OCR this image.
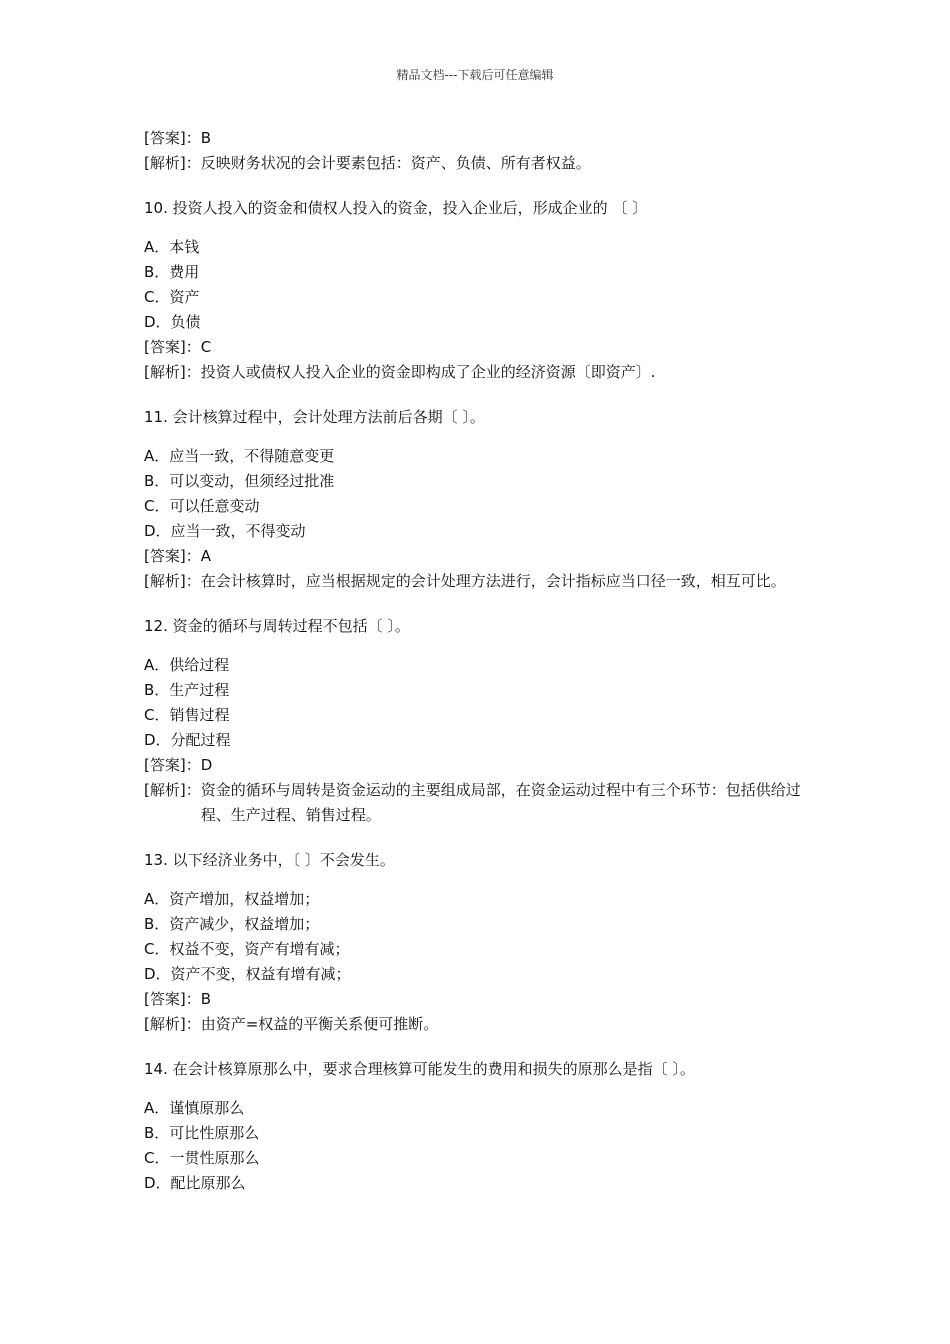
精品文档---下载后可任意编辑
[答案]：B
[解析]： 反映财务状况的会计要素包括：资产、负债、所有者权益。
10. 投资人投入的资金和债权人投入的资金，投入企业后，形成企业的 〔 〕
A．本钱
B．费用
C．资产
D．负债
[答案]：C
[解析]： 投资人或债权人投入企业的资金即构成了企业的经济资源〔即资产〕.
11. 会计核算过程中，会计处理方法前后各期〔 〕。
A．应当一致，不得随意变更
B．可以变动，但须经过批准
C．可以任意变动
D．应当一致，不得变动
[答案]：A
[解析]： 在会计核算时，应当根据规定的会计处理方法进行，会计指标应当口径一致，相互可比。
12. 资金的循环与周转过程不包括〔 〕。
A．供给过程
B．生产过程
C．销售过程
D．分配过程
[答案]：D
[解析]： 资金的循环与周转是资金运动的主要组成局部，在资金运动过程中有三个环节：包括供给过程、生产过程、销售过程。
13. 以下经济业务中，〔 〕不会发生。
A．资产增加，权益增加；
B．资产减少，权益增加；
C．权益不变，资产有增有减；
D．资产不变，权益有增有减；
[答案]：B
[解析]： 由资产=权益的平衡关系便可推断。
14. 在会计核算原那么中，要求合理核算可能发生的费用和损失的原那么是指〔 〕。
A．谨慎原那么
B．可比性原那么
C．一贯性原那么
D．配比原那么
